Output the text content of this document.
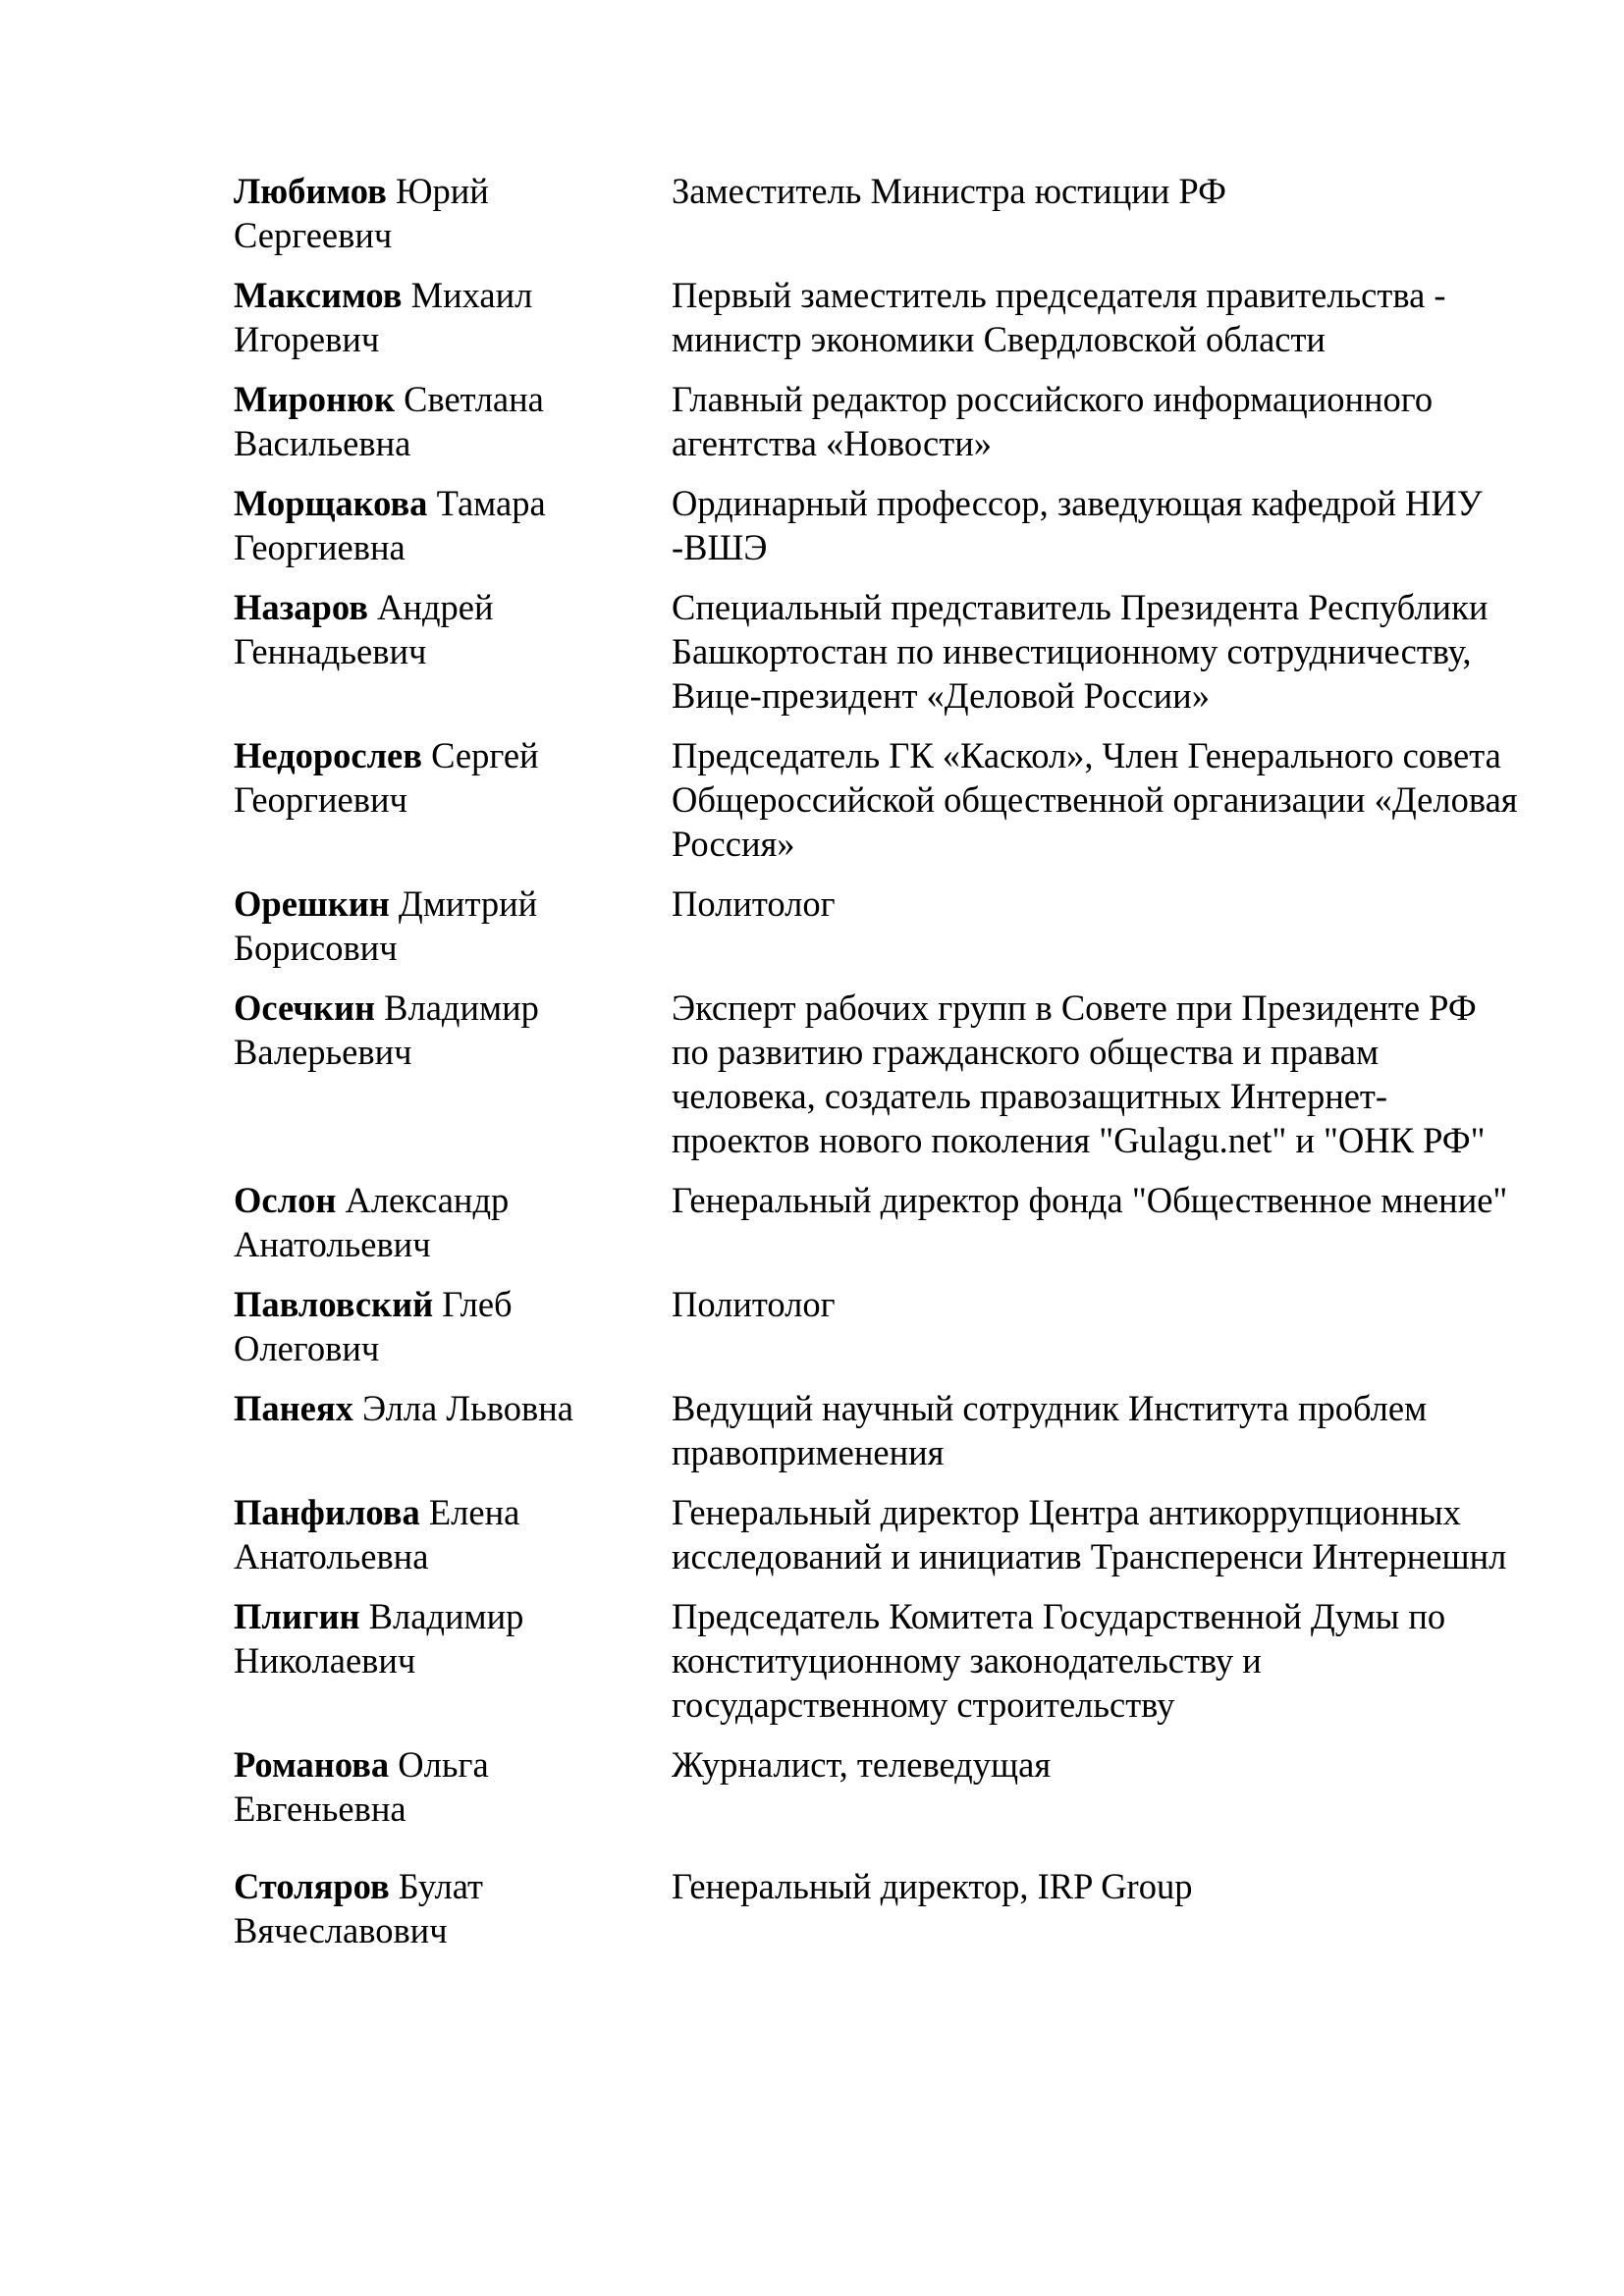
Любимов Юрий Сергеевич	Заместитель Министра юстиции РФ
Максимов Михаил Игоревич	Первый заместитель председателя правительства - министр экономики Свердловской области
Миронюк Светлана Васильевна	Главный редактор российского информационного агентства «Новости»
Морщакова Тамара Георгиевна	Ординарный профессор, заведующая кафедрой НИУ -ВШЭ
Назаров Андрей Геннадьевич	Специальный представитель Президента Республики Башкортостан по инвестиционному сотрудничеству, Вице-президент «Деловой России»
Недорослев Сергей Георгиевич	Председатель ГК «Каскол», Член Генерального совета Общероссийской общественной организации «Деловая Россия»
Орешкин Дмитрий Борисович	Политолог
Осечкин Владимир Валерьевич	Эксперт рабочих групп в Совете при Президенте РФ по развитию гражданского общества и правам человека, создатель правозащитных Интернет-проектов нового поколения "Gulagu.net" и "ОНК РФ"
Ослон Александр Анатольевич	Генеральный директор фонда "Общественное мнение"
Павловский Глеб Олегович	Политолог
Панеях Элла Львовна	Ведущий научный сотрудник Института проблем правоприменения
Панфилова Елена Анатольевна	Генеральный директор Центра антикоррупционных исследований и инициатив Трансперенси Интернешнл
Плигин Владимир Николаевич	Председатель Комитета Государственной Думы по конституционному законодательству и государственному строительству
Романова Ольга Евгеньевна	Журналист, телеведущая
Столяров Булат Вячеславович	Генеральный директор, IRP Group
